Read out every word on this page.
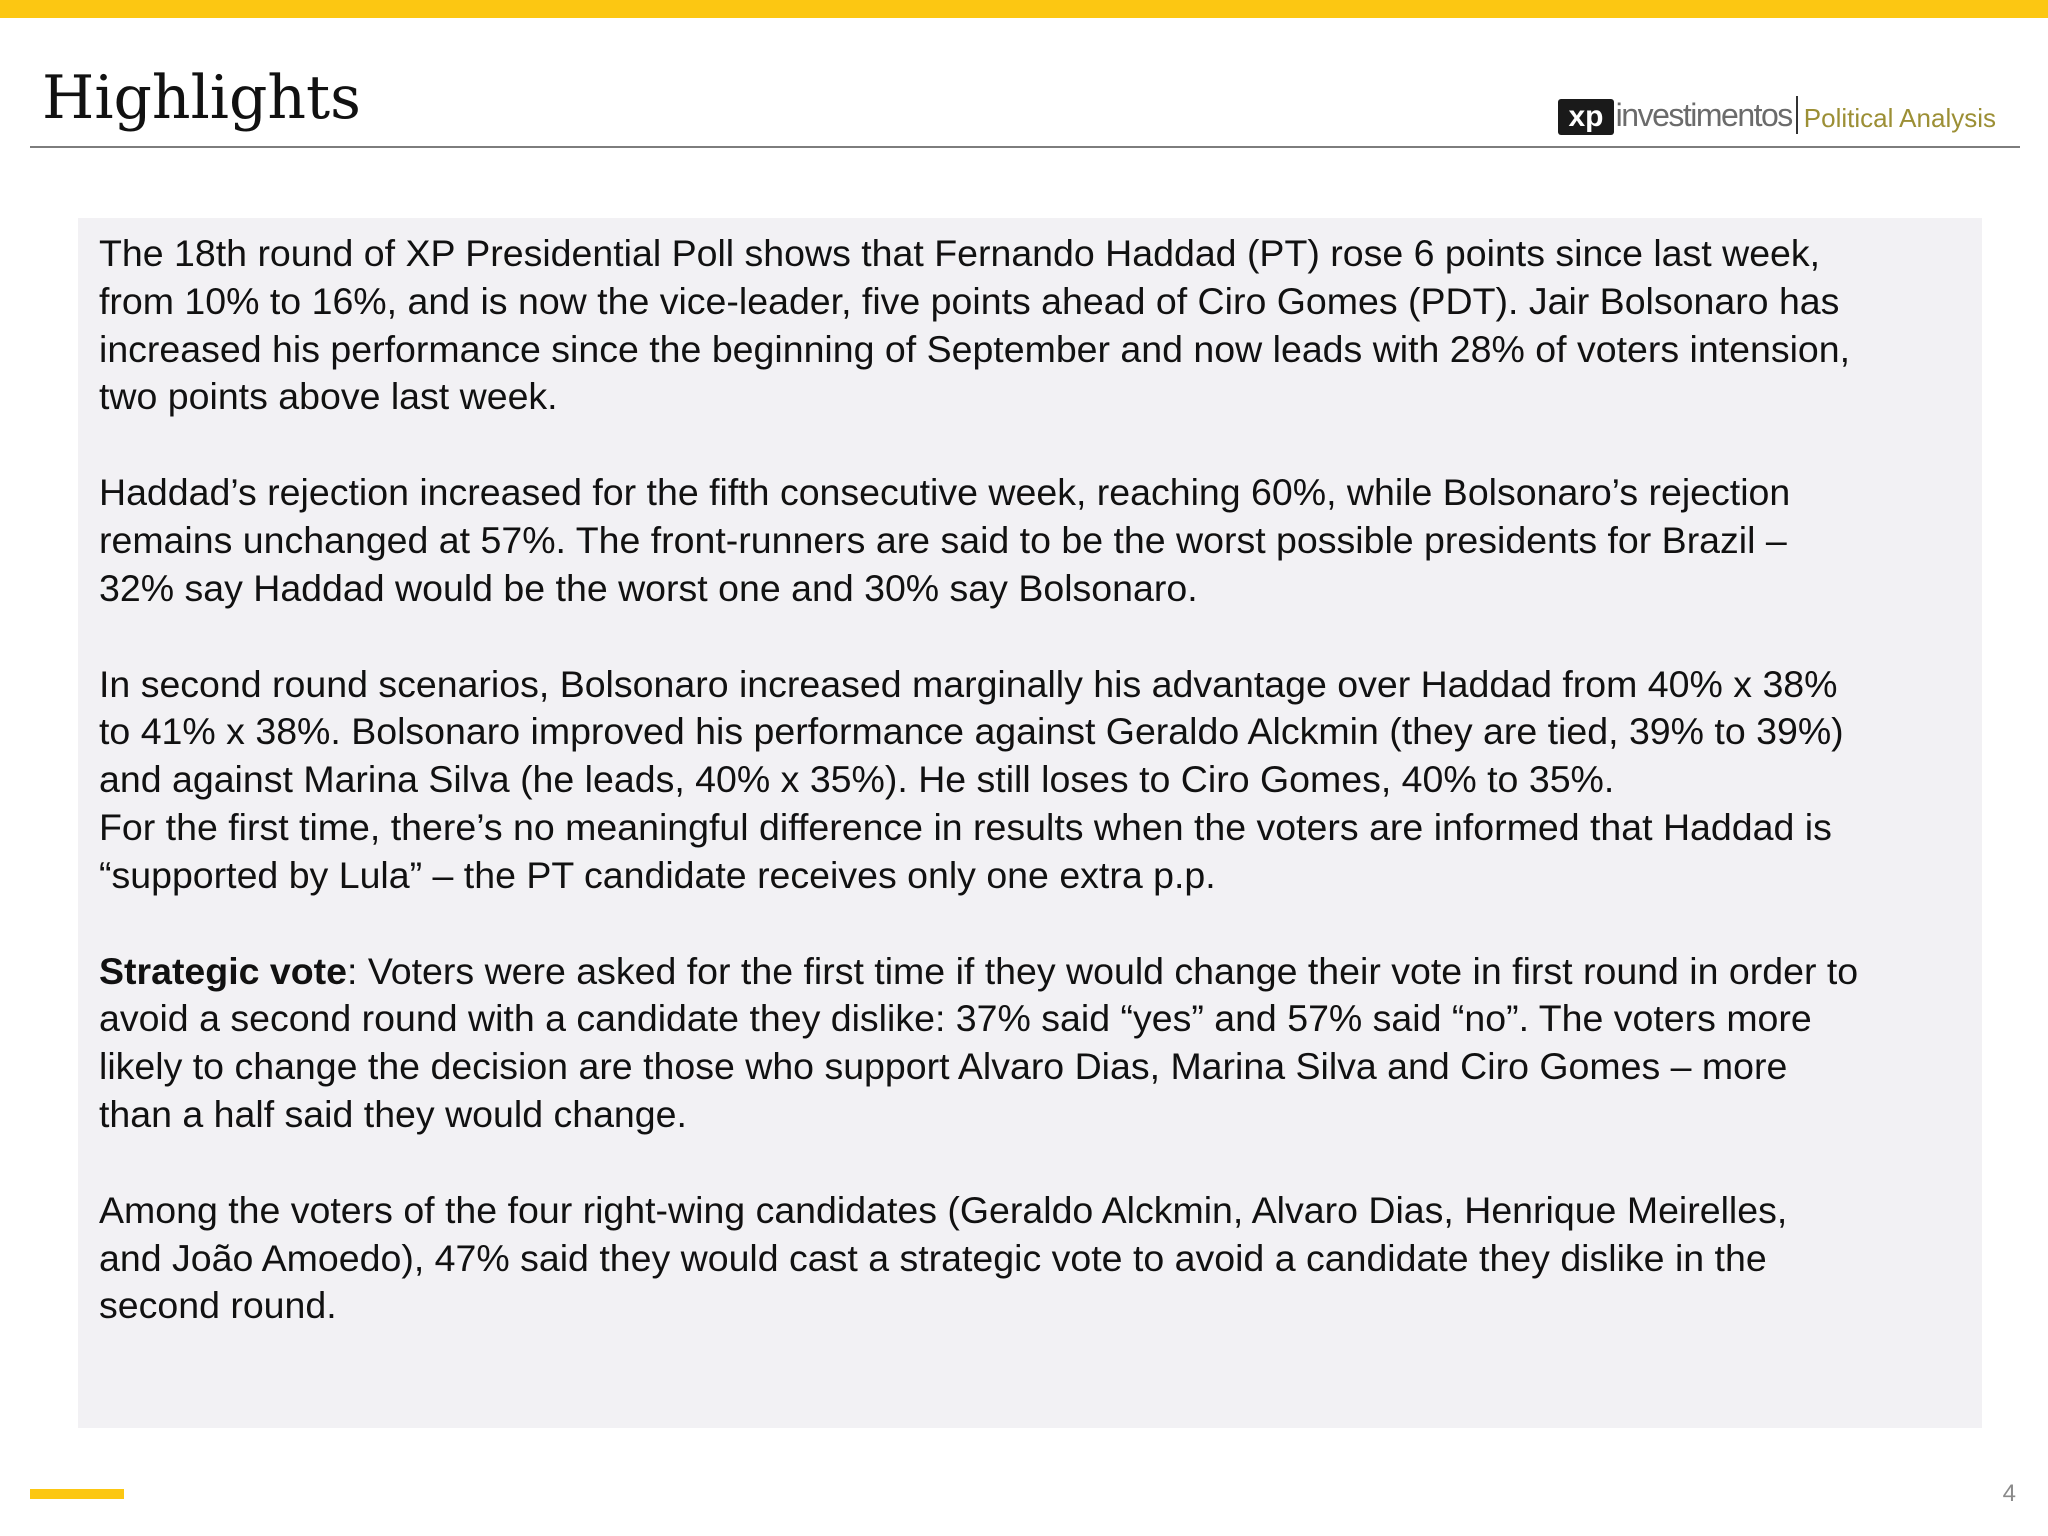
Highlights	xp investimentos Political Analysis

The 18th round of XP Presidential Poll shows that Fernando Haddad (PT) rose 6 points since last week,
from 10% to 16%, and is now the vice-leader, five points ahead of Ciro Gomes (PDT). Jair Bolsonaro has
increased his performance since the beginning of September and now leads with 28% of voters intension,
two points above last week.

Haddad’s rejection increased for the fifth consecutive week, reaching 60%, while Bolsonaro’s rejection
remains unchanged at 57%. The front-runners are said to be the worst possible presidents for Brazil –
32% say Haddad would be the worst one and 30% say Bolsonaro.

In second round scenarios, Bolsonaro increased marginally his advantage over Haddad from 40% x 38%
to 41% x 38%. Bolsonaro improved his performance against Geraldo Alckmin (they are tied, 39% to 39%)
and against Marina Silva (he leads, 40% x 35%). He still loses to Ciro Gomes, 40% to 35%.
For the first time, there’s no meaningful difference in results when the voters are informed that Haddad is
“supported by Lula” – the PT candidate receives only one extra p.p.

Strategic vote: Voters were asked for the first time if they would change their vote in first round in order to
avoid a second round with a candidate they dislike: 37% said “yes” and 57% said “no”. The voters more
likely to change the decision are those who support Alvaro Dias, Marina Silva and Ciro Gomes – more
than a half said they would change.

Among the voters of the four right-wing candidates (Geraldo Alckmin, Alvaro Dias, Henrique Meirelles,
and João Amoedo), 47% said they would cast a strategic vote to avoid a candidate they dislike in the
second round.

4
